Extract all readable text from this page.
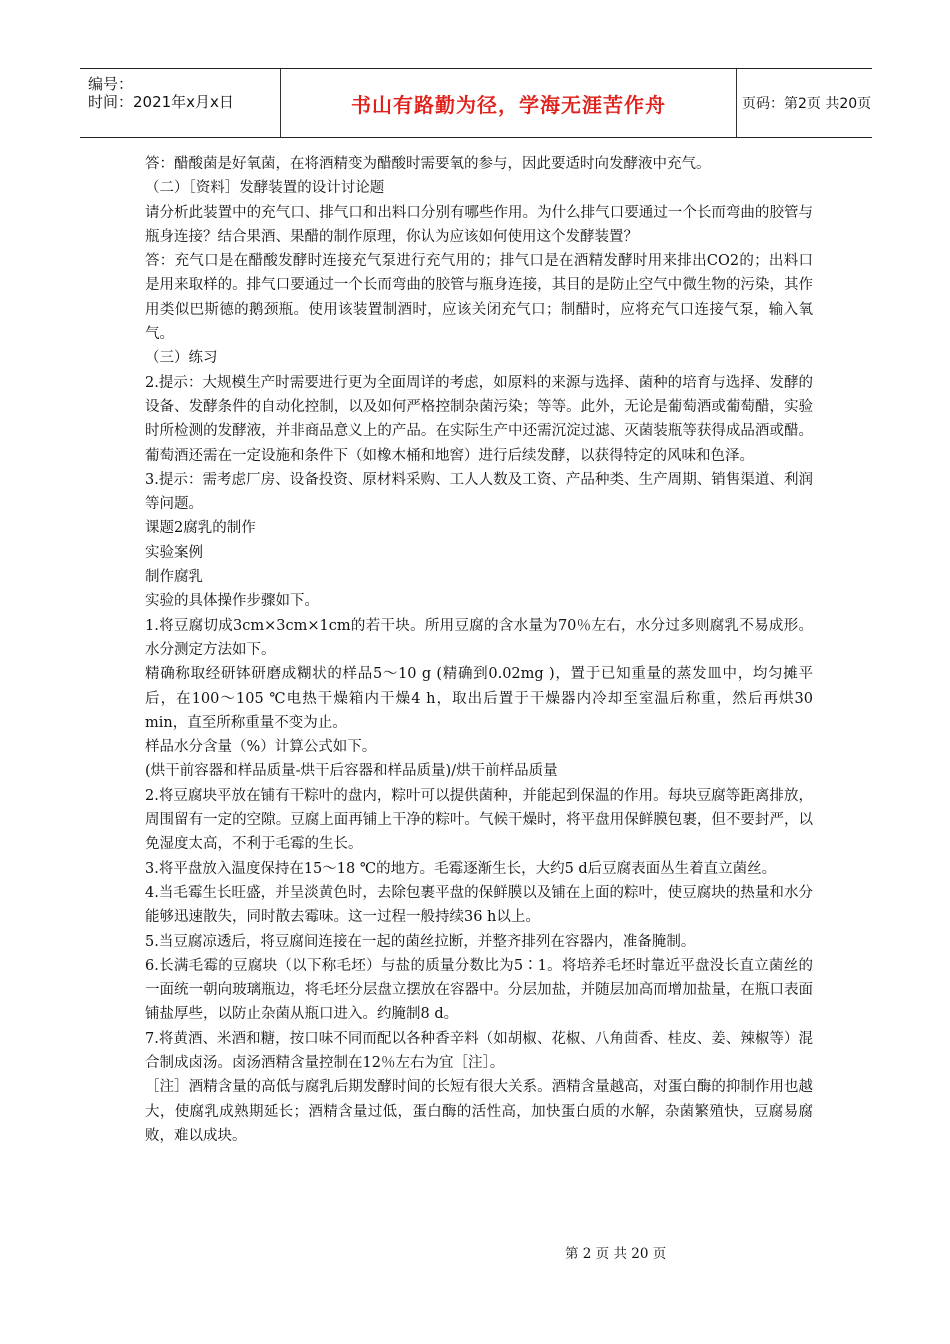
编号：
时间：2021年x月x日	书山有路勤为径，学海无涯苦作舟	页码：第2页 共20页

答：醋酸菌是好氧菌，在将酒精变为醋酸时需要氧的参与，因此要适时向发酵液中充气。

（二）［资料］发酵装置的设计讨论题

请分析此装置中的充气口、排气口和出料口分别有哪些作用。为什么排气口要通过一个长而弯曲的胶管与瓶身连接？结合果酒、果醋的制作原理，你认为应该如何使用这个发酵装置？

答：充气口是在醋酸发酵时连接充气泵进行充气用的；排气口是在酒精发酵时用来排出CO2的；出料口是用来取样的。排气口要通过一个长而弯曲的胶管与瓶身连接，其目的是防止空气中微生物的污染，其作用类似巴斯德的鹅颈瓶。使用该装置制酒时，应该关闭充气口；制醋时，应将充气口连接气泵，输入氧气。

（三）练习

2.提示：大规模生产时需要进行更为全面周详的考虑，如原料的来源与选择、菌种的培育与选择、发酵的设备、发酵条件的自动化控制，以及如何严格控制杂菌污染；等等。此外，无论是葡萄酒或葡萄醋，实验时所检测的发酵液，并非商品意义上的产品。在实际生产中还需沉淀过滤、灭菌装瓶等获得成品酒或醋。葡萄酒还需在一定设施和条件下（如橡木桶和地窖）进行后续发酵，以获得特定的风味和色泽。

3.提示：需考虑厂房、设备投资、原材料采购、工人人数及工资、产品种类、生产周期、销售渠道、利润等问题。

课题2腐乳的制作

实验案例

制作腐乳

实验的具体操作步骤如下。

1.将豆腐切成3cm×3cm×1cm的若干块。所用豆腐的含水量为70％左右，水分过多则腐乳不易成形。水分测定方法如下。

精确称取经研钵研磨成糊状的样品5～10 g (精确到0.02mg )，置于已知重量的蒸发皿中，均匀摊平后，在100～105 ℃电热干燥箱内干燥4 h，取出后置于干燥器内冷却至室温后称重，然后再烘30 min，直至所称重量不变为止。

样品水分含量（%）计算公式如下。

(烘干前容器和样品质量-烘干后容器和样品质量)/烘干前样品质量

2.将豆腐块平放在铺有干粽叶的盘内，粽叶可以提供菌种，并能起到保温的作用。每块豆腐等距离排放，周围留有一定的空隙。豆腐上面再铺上干净的粽叶。气候干燥时，将平盘用保鲜膜包裹，但不要封严，以免湿度太高，不利于毛霉的生长。

3.将平盘放入温度保持在15～18 ℃的地方。毛霉逐渐生长，大约5 d后豆腐表面丛生着直立菌丝。

4.当毛霉生长旺盛，并呈淡黄色时，去除包裹平盘的保鲜膜以及铺在上面的粽叶，使豆腐块的热量和水分能够迅速散失，同时散去霉味。这一过程一般持续36 h以上。

5.当豆腐凉透后，将豆腐间连接在一起的菌丝拉断，并整齐排列在容器内，准备腌制。

6.长满毛霉的豆腐块（以下称毛坯）与盐的质量分数比为5∶1。将培养毛坯时靠近平盘没长直立菌丝的一面统一朝向玻璃瓶边，将毛坯分层盘立摆放在容器中。分层加盐，并随层加高而增加盐量，在瓶口表面铺盐厚些，以防止杂菌从瓶口进入。约腌制8 d。

7.将黄酒、米酒和糖，按口味不同而配以各种香辛料（如胡椒、花椒、八角茴香、桂皮、姜、辣椒等）混合制成卤汤。卤汤酒精含量控制在12％左右为宜［注］。

［注］酒精含量的高低与腐乳后期发酵时间的长短有很大关系。酒精含量越高，对蛋白酶的抑制作用也越大，使腐乳成熟期延长；酒精含量过低，蛋白酶的活性高，加快蛋白质的水解，杂菌繁殖快，豆腐易腐败，难以成块。

第 2 页 共 20 页
